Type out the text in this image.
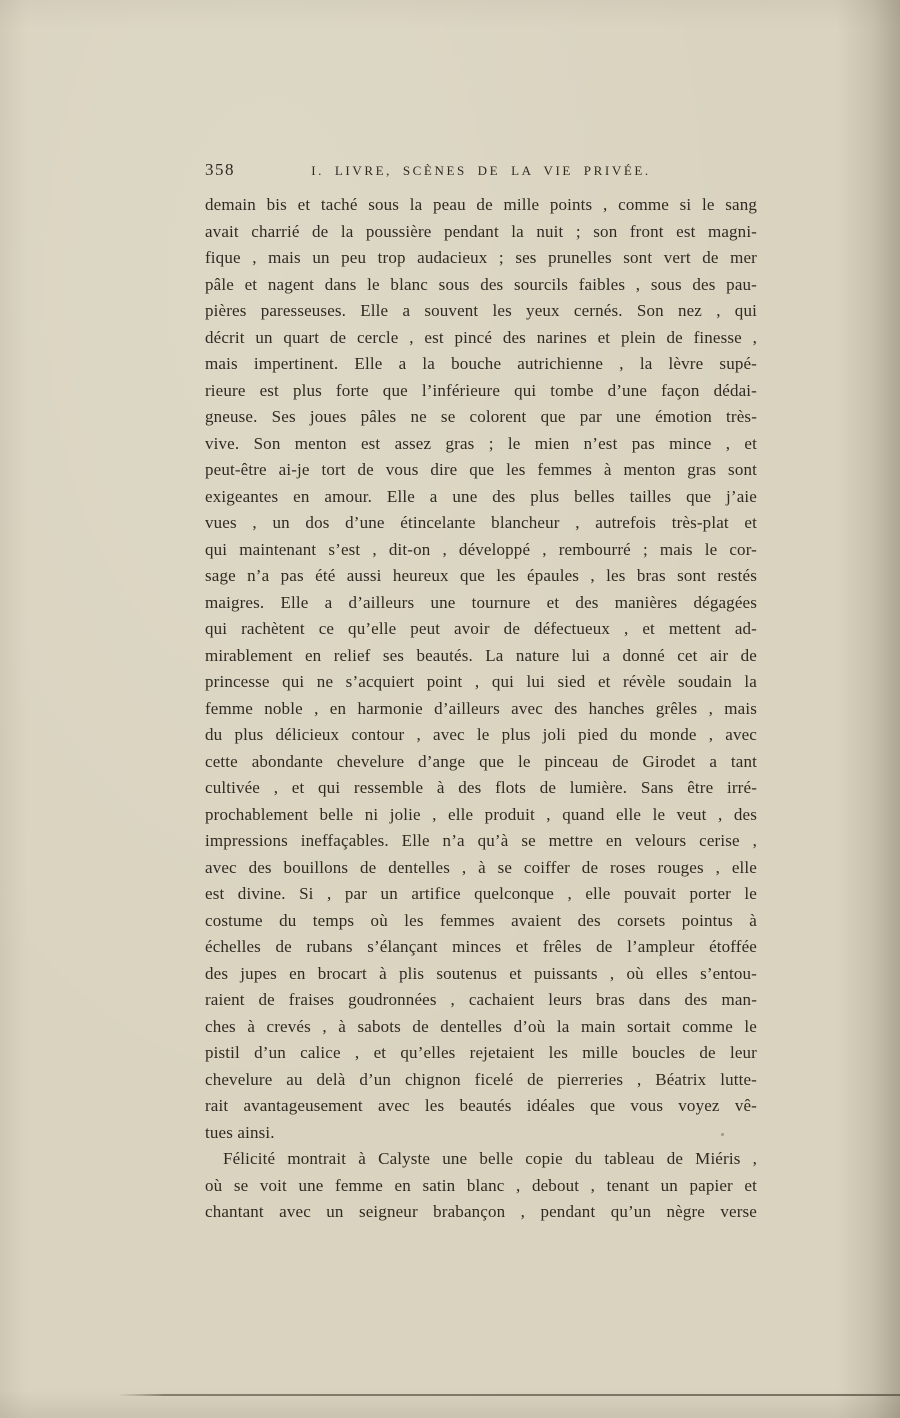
358	I. LIVRE, SCÈNES DE LA VIE PRIVÉE.
demain bis et taché sous la peau de mille points , comme si le sang
avait charrié de la poussière pendant la nuit ; son front est magni-
fique , mais un peu trop audacieux ; ses prunelles sont vert de mer
pâle et nagent dans le blanc sous des sourcils faibles , sous des pau-
pières paresseuses. Elle a souvent les yeux cernés. Son nez , qui
décrit un quart de cercle , est pincé des narines et plein de finesse ,
mais impertinent. Elle a la bouche autrichienne , la lèvre supé-
rieure est plus forte que l’inférieure qui tombe d’une façon dédai-
gneuse. Ses joues pâles ne se colorent que par une émotion très-
vive. Son menton est assez gras ; le mien n’est pas mince , et
peut-être ai-je tort de vous dire que les femmes à menton gras sont
exigeantes en amour. Elle a une des plus belles tailles que j’aie
vues , un dos d’une étincelante blancheur , autrefois très-plat et
qui maintenant s’est , dit-on , développé , rembourré ; mais le cor-
sage n’a pas été aussi heureux que les épaules , les bras sont restés
maigres. Elle a d’ailleurs une tournure et des manières dégagées
qui rachètent ce qu’elle peut avoir de défectueux , et mettent ad-
mirablement en relief ses beautés. La nature lui a donné cet air de
princesse qui ne s’acquiert point , qui lui sied et révèle soudain la
femme noble , en harmonie d’ailleurs avec des hanches grêles , mais
du plus délicieux contour , avec le plus joli pied du monde , avec
cette abondante chevelure d’ange que le pinceau de Girodet a tant
cultivée , et qui ressemble à des flots de lumière. Sans être irré-
prochablement belle ni jolie , elle produit , quand elle le veut , des
impressions ineffaçables. Elle n’a qu’à se mettre en velours cerise ,
avec des bouillons de dentelles , à se coiffer de roses rouges , elle
est divine. Si , par un artifice quelconque , elle pouvait porter le
costume du temps où les femmes avaient des corsets pointus à
échelles de rubans s’élançant minces et frêles de l’ampleur étoffée
des jupes en brocart à plis soutenus et puissants , où elles s’entou-
raient de fraises goudronnées , cachaient leurs bras dans des man-
ches à crevés , à sabots de dentelles d’où la main sortait comme le
pistil d’un calice , et qu’elles rejetaient les mille boucles de leur
chevelure au delà d’un chignon ficelé de pierreries , Béatrix lutte-
rait avantageusement avec les beautés idéales que vous voyez vê-
tues ainsi.
Félicité montrait à Calyste une belle copie du tableau de Miéris ,
où se voit une femme en satin blanc , debout , tenant un papier et
chantant avec un seigneur brabançon , pendant qu’un nègre verse
